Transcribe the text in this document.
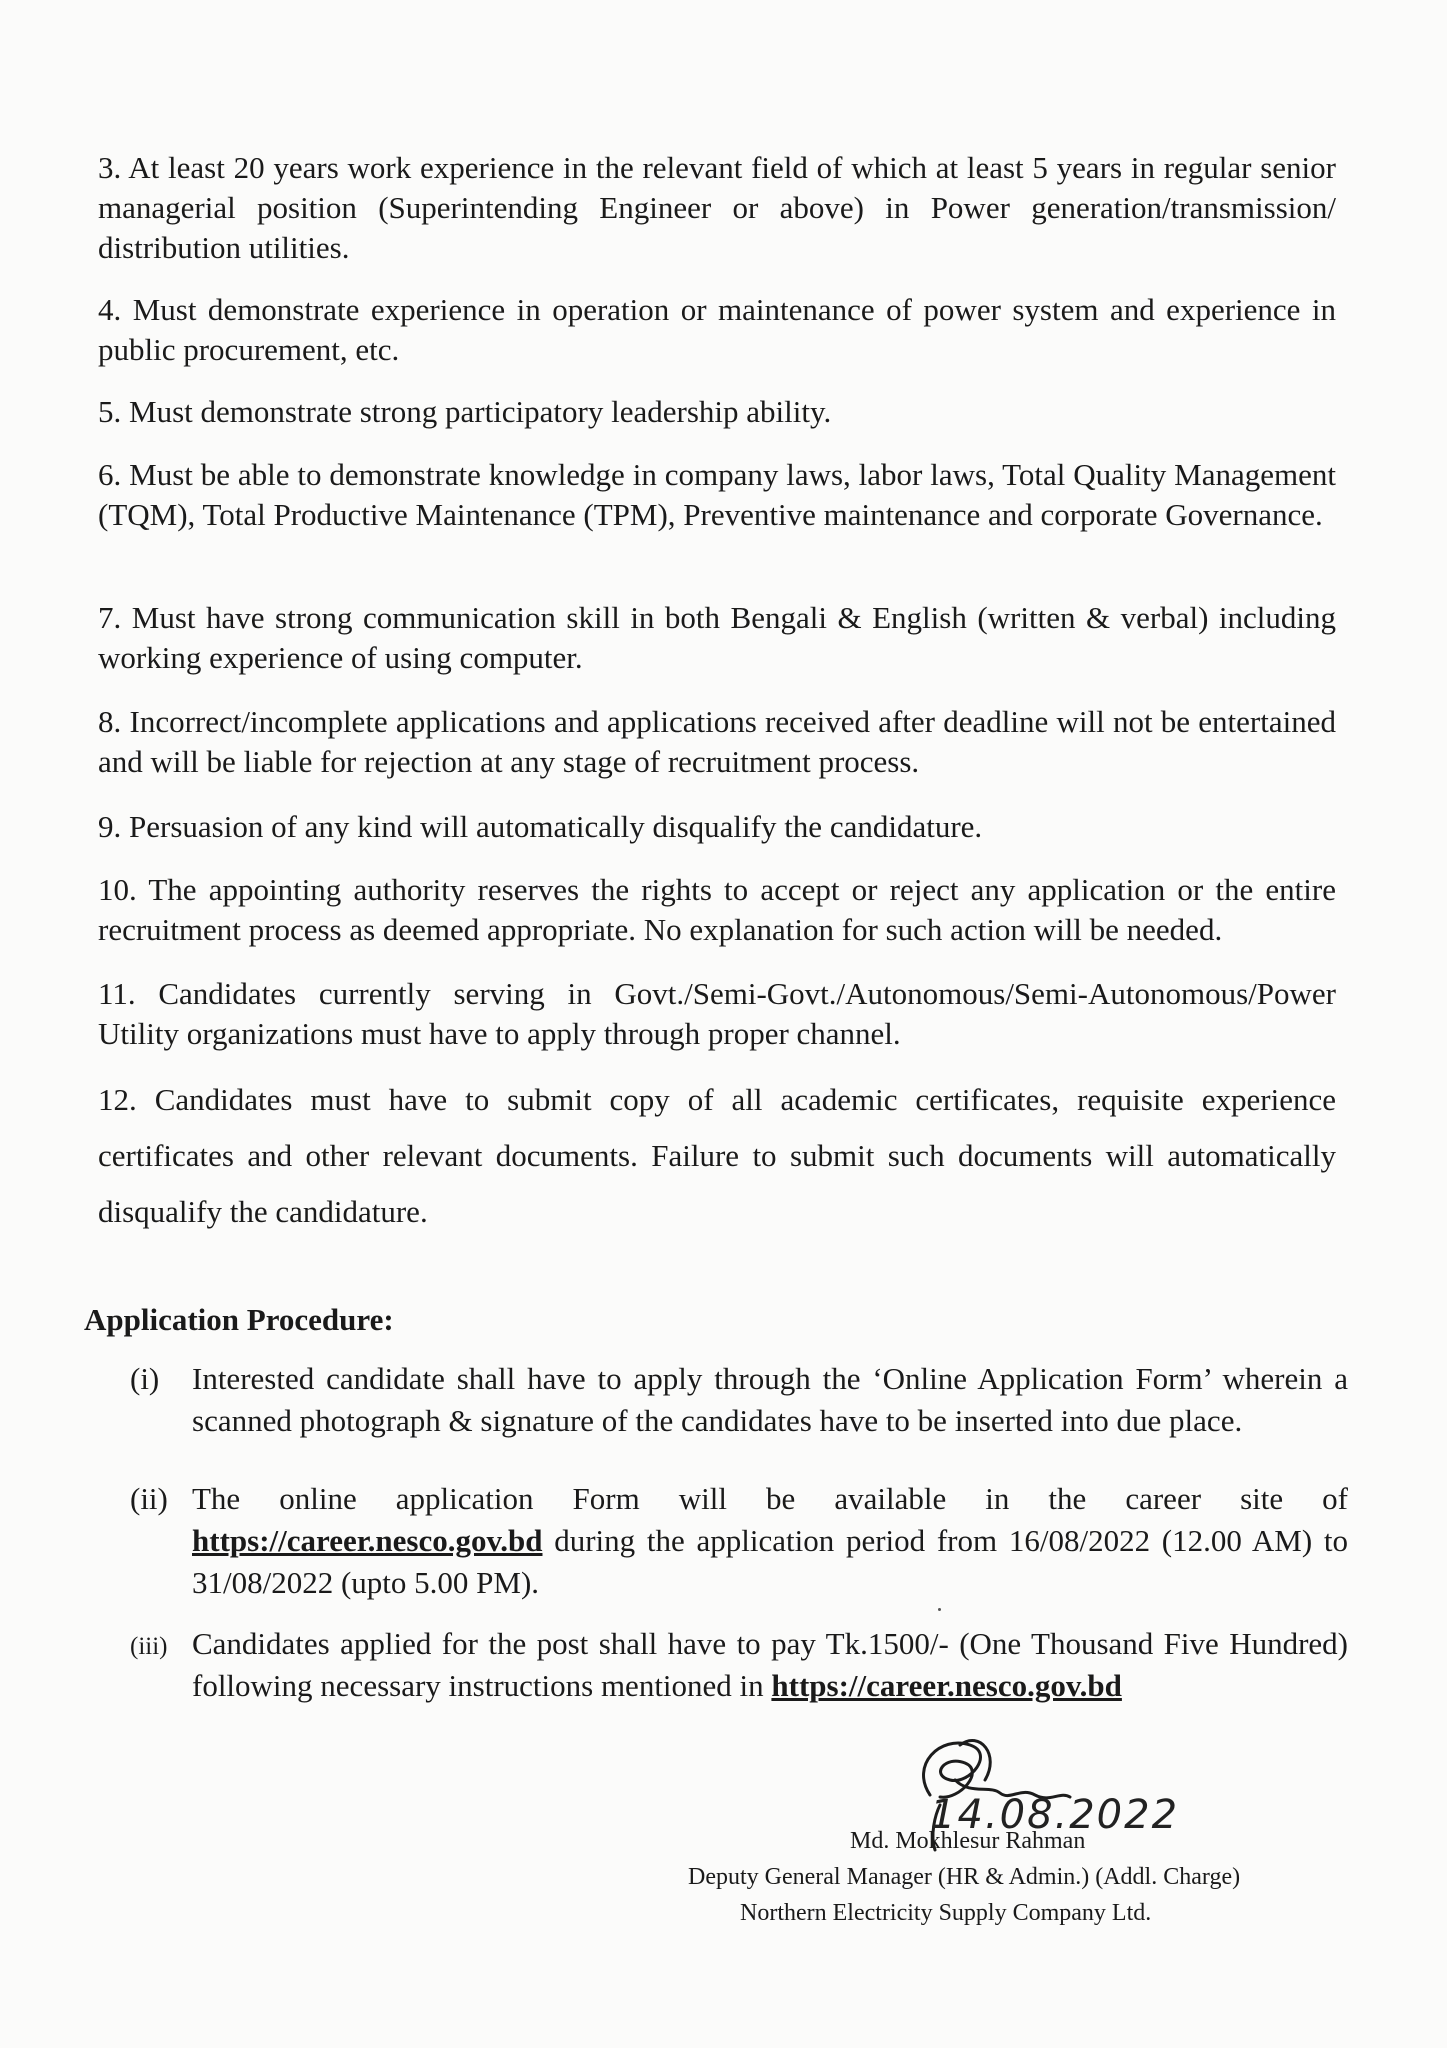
3. At least 20 years work experience in the relevant field of which at least 5 years in regular senior managerial position (Superintending Engineer or above) in Power generation/transmission/ distribution utilities.

4. Must demonstrate experience in operation or maintenance of power system and experience in public procurement, etc.

5. Must demonstrate strong participatory leadership ability.

6. Must be able to demonstrate knowledge in company laws, labor laws, Total Quality Management (TQM), Total Productive Maintenance (TPM), Preventive maintenance and corporate Governance.

7. Must have strong communication skill in both Bengali & English (written & verbal) including working experience of using computer.

8. Incorrect/incomplete applications and applications received after deadline will not be entertained and will be liable for rejection at any stage of recruitment process.

9. Persuasion of any kind will automatically disqualify the candidature.

10. The appointing authority reserves the rights to accept or reject any application or the entire recruitment process as deemed appropriate. No explanation for such action will be needed.

11. Candidates currently serving in Govt./Semi-Govt./Autonomous/Semi-Autonomous/Power Utility organizations must have to apply through proper channel.

12. Candidates must have to submit copy of all academic certificates, requisite experience certificates and other relevant documents. Failure to submit such documents will automatically disqualify the candidature.

Application Procedure:

(i)	Interested candidate shall have to apply through the ‘Online Application Form’ wherein a scanned photograph & signature of the candidates have to be inserted into due place.
(ii) The online application Form will be available in the career site of https://career.nesco.gov.bd during the application period from 16/08/2022 (12.00 AM) to 31/08/2022 (upto 5.00 PM).
(iii) Candidates applied for the post shall have to pay Tk.1500/- (One Thousand Five Hundred) following necessary instructions mentioned in https://career.nesco.gov.bd
14.08.2022

Md. Mokhlesur Rahman

Deputy General Manager (HR & Admin.) (Addl. Charge)

Northern Electricity Supply Company Ltd.
